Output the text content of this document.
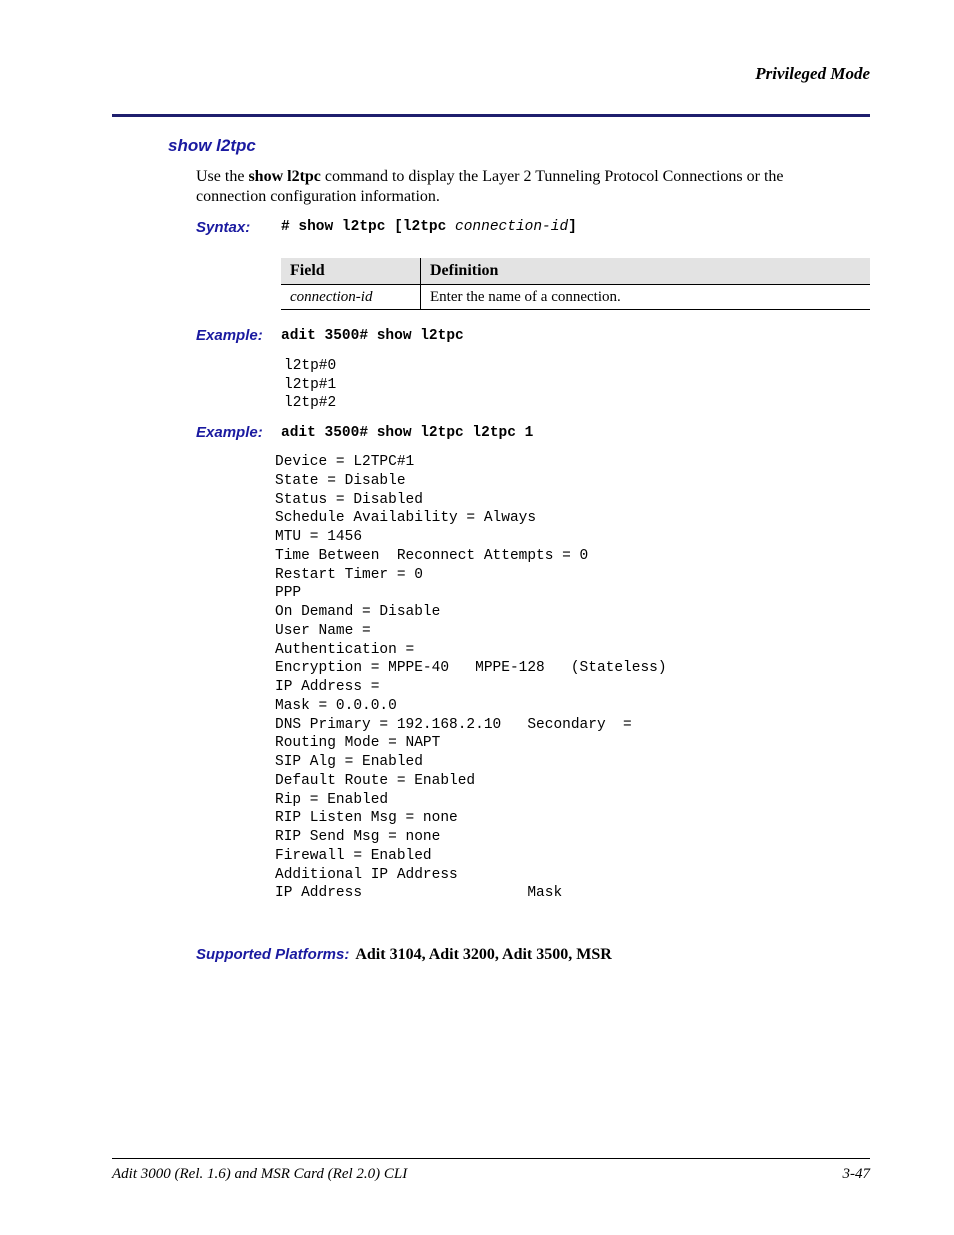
Privileged Mode
show l2tpc
Use the show l2tpc command to display the Layer 2 Tunneling Protocol Connections or the connection configuration information.
Syntax: # show l2tpc [l2tpc connection-id]
Field	Definition
connection-id	Enter the name of a connection.
Example: adit 3500# show l2tpc
l2tp#0
l2tp#1
l2tp#2
Example: adit 3500# show l2tpc l2tpc 1
Device = L2TPC#1
State = Disable
Status = Disabled
Schedule Availability = Always
MTU = 1456
Time Between  Reconnect Attempts = 0
Restart Timer = 0
PPP
On Demand = Disable
User Name =
Authentication =
Encryption = MPPE-40   MPPE-128   (Stateless)
IP Address =
Mask = 0.0.0.0
DNS Primary = 192.168.2.10   Secondary  =
Routing Mode = NAPT
SIP Alg = Enabled
Default Route = Enabled
Rip = Enabled
RIP Listen Msg = none
RIP Send Msg = none
Firewall = Enabled
Additional IP Address
IP Address                   Mask
Supported Platforms: Adit 3104, Adit 3200, Adit 3500, MSR
Adit 3000 (Rel. 1.6) and MSR Card (Rel 2.0) CLI	3-47
